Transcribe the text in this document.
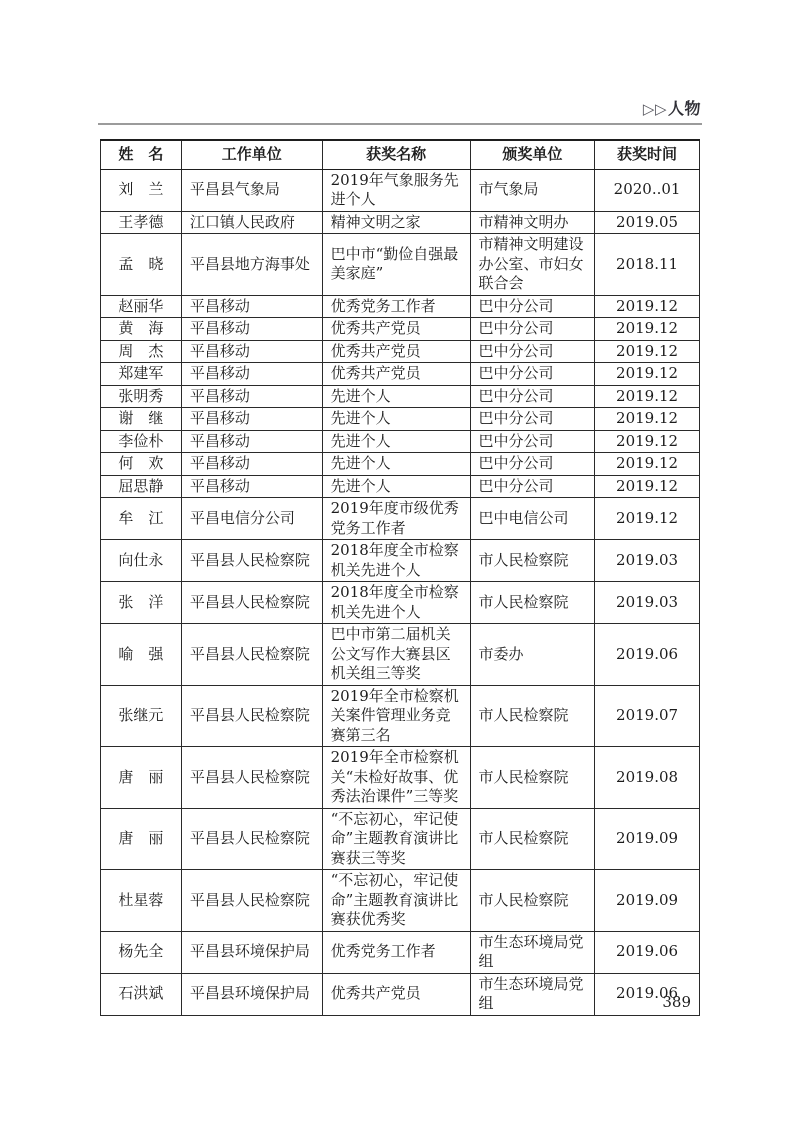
▷▷人物
姓　名	工作单位	获奖名称	颁奖单位	获奖时间
刘　兰	平昌县气象局	2019年气象服务先进个人	市气象局	2020..01
王孝德	江口镇人民政府	精神文明之家	市精神文明办	2019.05
孟　晓	平昌县地方海事处	巴中市“勤俭自强最美家庭”	市精神文明建设办公室、市妇女联合会	2018.11
赵丽华	平昌移动	优秀党务工作者	巴中分公司	2019.12
黄　海	平昌移动	优秀共产党员	巴中分公司	2019.12
周　杰	平昌移动	优秀共产党员	巴中分公司	2019.12
郑建军	平昌移动	优秀共产党员	巴中分公司	2019.12
张明秀	平昌移动	先进个人	巴中分公司	2019.12
谢　继	平昌移动	先进个人	巴中分公司	2019.12
李俭朴	平昌移动	先进个人	巴中分公司	2019.12
何　欢	平昌移动	先进个人	巴中分公司	2019.12
屈思静	平昌移动	先进个人	巴中分公司	2019.12
牟　江	平昌电信分公司	2019年度市级优秀党务工作者	巴中电信公司	2019.12
向仕永	平昌县人民检察院	2018年度全市检察机关先进个人	市人民检察院	2019.03
张　洋	平昌县人民检察院	2018年度全市检察机关先进个人	市人民检察院	2019.03
喻　强	平昌县人民检察院	巴中市第二届机关公文写作大赛县区机关组三等奖	市委办	2019.06
张继元	平昌县人民检察院	2019年全市检察机关案件管理业务竞赛第三名	市人民检察院	2019.07
唐　丽	平昌县人民检察院	2019年全市检察机关“未检好故事、优秀法治课件”三等奖	市人民检察院	2019.08
唐　丽	平昌县人民检察院	“不忘初心，牢记使命”主题教育演讲比赛获三等奖	市人民检察院	2019.09
杜星蓉	平昌县人民检察院	“不忘初心，牢记使命”主题教育演讲比赛获优秀奖	市人民检察院	2019.09
杨先全	平昌县环境保护局	优秀党务工作者	市生态环境局党组	2019.06
石洪斌	平昌县环境保护局	优秀共产党员	市生态环境局党组	2019.06
389
